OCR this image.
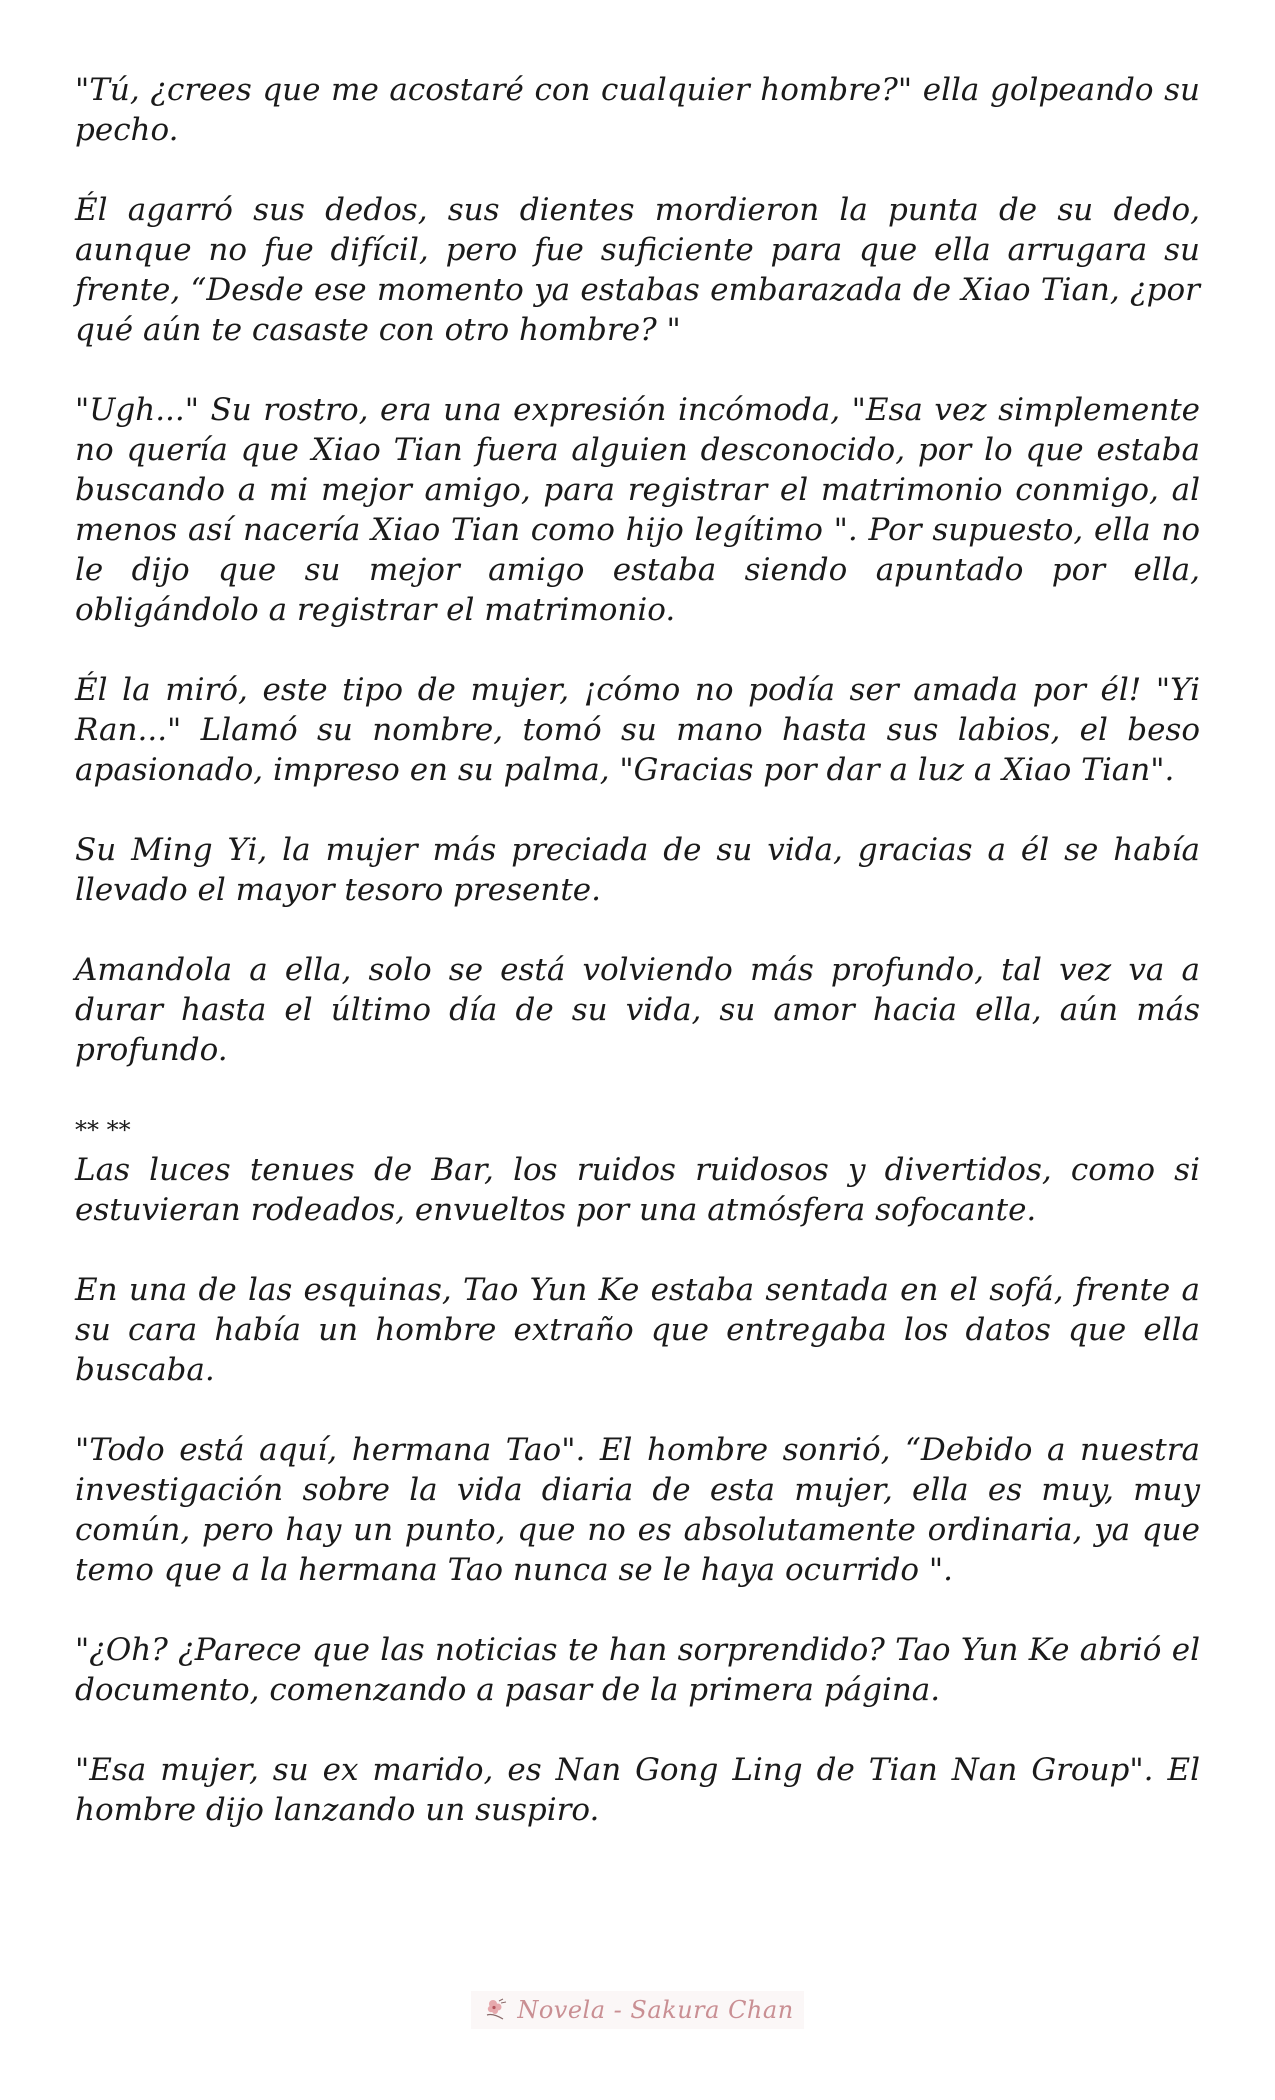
"Tú, ¿crees que me acostaré con cualquier hombre?" ella golpeando su pecho.

Él agarró sus dedos, sus dientes mordieron la punta de su dedo, aunque no fue difícil, pero fue suficiente para que ella arrugara su frente, “Desde ese momento ya estabas embarazada de Xiao Tian, ¿por qué aún te casaste con otro hombre? "

"Ugh..." Su rostro, era una expresión incómoda, "Esa vez simplemente no quería que Xiao Tian fuera alguien desconocido, por lo que estaba buscando a mi mejor amigo, para registrar el matrimonio conmigo, al menos así nacería Xiao Tian como hijo legítimo ". Por supuesto, ella no le dijo que su mejor amigo estaba siendo apuntado por ella, obligándolo a registrar el matrimonio.

Él la miró, este tipo de mujer, ¡cómo no podía ser amada por él! "Yi Ran..." Llamó su nombre, tomó su mano hasta sus labios, el beso apasionado, impreso en su palma, "Gracias por dar a luz a Xiao Tian".

Su Ming Yi, la mujer más preciada de su vida, gracias a él se había llevado el mayor tesoro presente.

Amandola a ella, solo se está volviendo más profundo, tal vez va a durar hasta el último día de su vida, su amor hacia ella, aún más profundo.

** **

Las luces tenues de Bar, los ruidos ruidosos y divertidos, como si estuvieran rodeados, envueltos por una atmósfera sofocante.

En una de las esquinas, Tao Yun Ke estaba sentada en el sofá, frente a su cara había un hombre extraño que entregaba los datos que ella buscaba.

"Todo está aquí, hermana Tao". El hombre sonrió, “Debido a nuestra investigación sobre la vida diaria de esta mujer, ella es muy, muy común, pero hay un punto, que no es absolutamente ordinaria, ya que temo que a la hermana Tao nunca se le haya ocurrido ".

"¿Oh? ¿Parece que las noticias te han sorprendido? Tao Yun Ke abrió el documento, comenzando a pasar de la primera página.

"Esa mujer, su ex marido, es Nan Gong Ling de Tian Nan Group". El hombre dijo lanzando un suspiro.

Novela - Sakura Chan
